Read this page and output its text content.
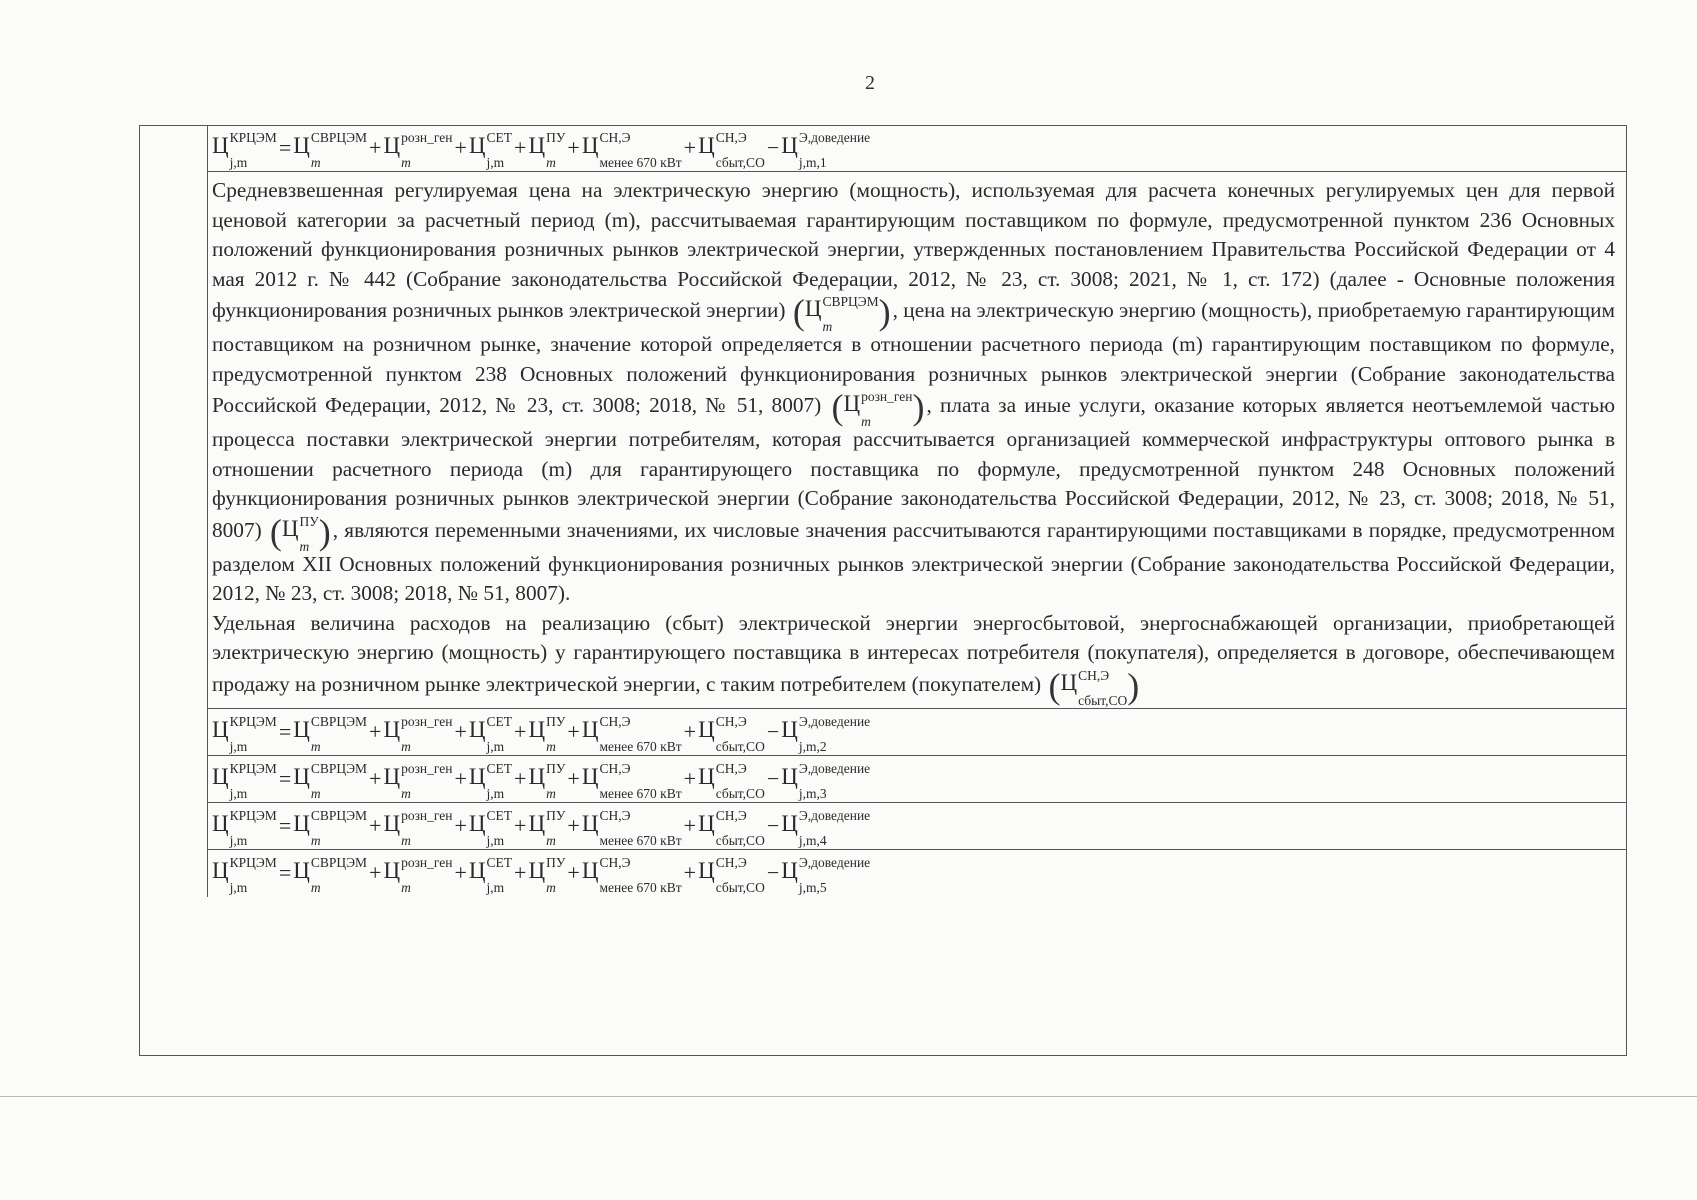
2
Ц КРЦЭМ
j,m
= Ц СВРЦЭМ
m
+ Ц розн_ген
m
+ Ц СЕТ
j,m
+ Ц ПУ
m
+ Ц СН,Э
менее 670 кВт
+ Ц СН,Э
сбыт,СО
− Ц Э,доведение
j,m,1

Средневзвешенная регулируемая цена на электрическую энергию (мощность), используемая для расчета конечных регулируемых цен для первой ценовой категории за расчетный период (m), рассчитываемая гарантирующим поставщиком по формуле, предусмотренной пунктом 236 Основных положений функционирования розничных рынков электрической энергии, утвержденных постановлением Правительства Российской Федерации от 4 мая 2012 г. № 442 (Собрание законодательства Российской Федерации, 2012, № 23, ст. 3008; 2021, № 1, ст. 172) (далее - Основные положения функционирования розничных рынков электрической энергии) (Ц СВРЦЭМ
m	), цена на электрическую энергию (мощность), приобретаемую гарантирующим поставщиком на розничном рынке, значение которой определяется в отношении расчетного периода (m) гарантирующим поставщиком по формуле, предусмотренной пунктом 238 Основных положений функционирования розничных рынков электрической энергии (Собрание законодательства Российской Федерации, 2012, № 23, ст. 3008; 2018, № 51, 8007) (Ц розн_ген
m	), плата за иные услуги, оказание которых является неотъемлемой частью процесса поставки электрической энергии потребителям, которая рассчитывается организацией коммерческой инфраструктуры оптового рынка в отношении расчетного периода (m) для гарантирующего поставщика по формуле, предусмотренной пунктом 248 Основных положений функционирования розничных рынков электрической энергии (Собрание законодательства Российской Федерации, 2012, № 23, ст. 3008; 2018, № 51, 8007) (Ц ПУ
m ), являются переменными значениями, их числовые значения рассчитываются гарантирующими поставщиками в порядке, предусмотренном разделом XII Основных положений функционирования розничных рынков электрической энергии (Собрание законодательства Российской Федерации, 2012, № 23, ст. 3008; 2018, № 51, 8007).

Удельная величина расходов на реализацию (сбыт) электрической энергии энергосбытовой, энергоснабжающей организации, приобретающей электрическую энергию (мощность) у гарантирующего поставщика в интересах потребителя (покупателя), определяется в договоре, обеспечивающем продажу на розничном рынке электрической энергии, с таким потребителем (покупателем) (Ц СН,Э
сбыт,СО )

Ц КРЦЭМ
j,m
= Ц СВРЦЭМ
m
+ Ц розн_ген
m
+ Ц СЕТ
j,m
+ Ц ПУ
m
+ Ц СН,Э
менее 670 кВт
+ Ц СН,Э
сбыт,СО
− Ц Э,доведение
j,m,2
Ц КРЦЭМ
j,m
= Ц СВРЦЭМ
m
+ Ц розн_ген
m
+ Ц СЕТ
j,m
+ Ц ПУ
m
+ Ц СН,Э
менее 670 кВт
+ Ц СН,Э
сбыт,СО
− Ц Э,доведение
j,m,3
Ц КРЦЭМ
j,m
= Ц СВРЦЭМ
m
+ Ц розн_ген
m
+ Ц СЕТ
j,m
+ Ц ПУ
m
+ Ц СН,Э
менее 670 кВт
+ Ц СН,Э
сбыт,СО
− Ц Э,доведение
j,m,4
Ц КРЦЭМ
j,m
= Ц СВРЦЭМ
m
+ Ц розн_ген
m
+ Ц СЕТ
j,m
+ Ц ПУ
m
+ Ц СН,Э
менее 670 кВт
+ Ц СН,Э
сбыт,СО
− Ц Э,доведение
j,m,5
